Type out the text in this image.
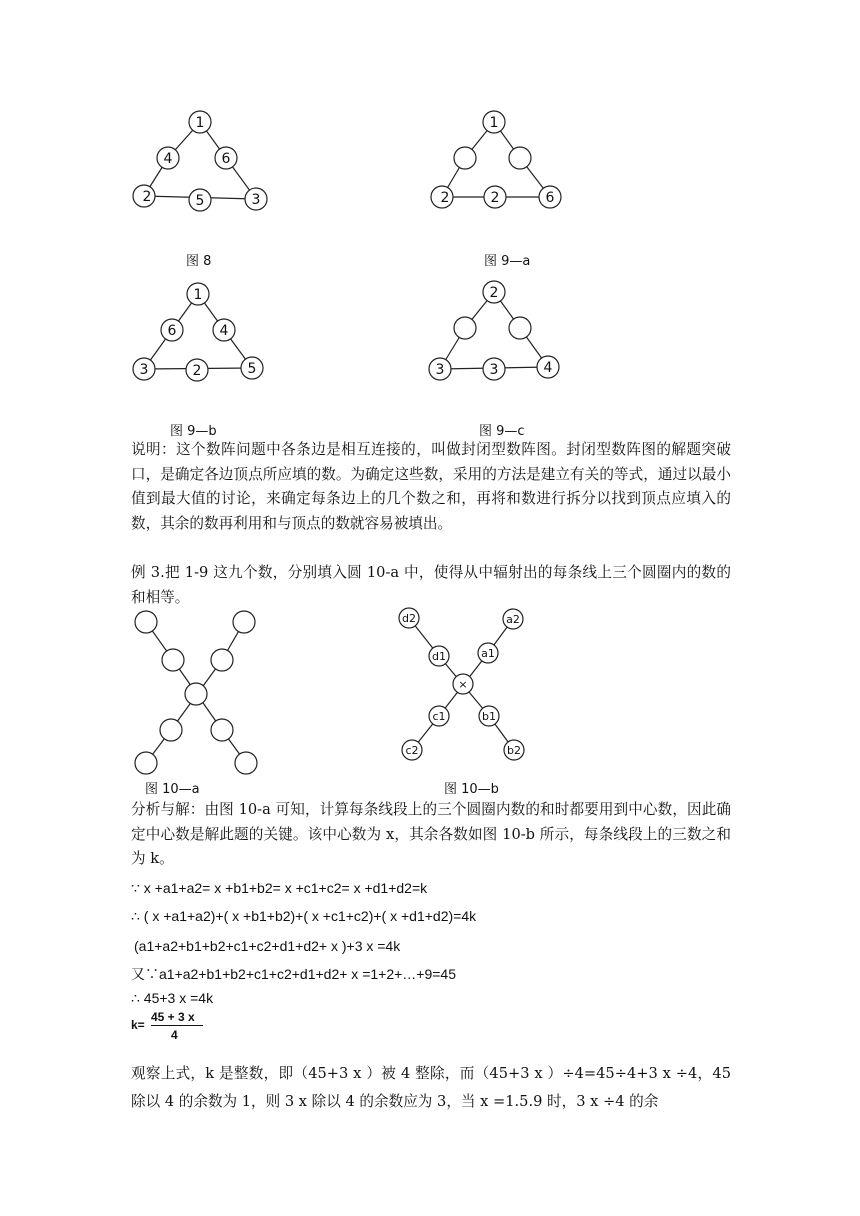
1
4	6
2	5	3
图 8
1
2	2	6
图 9—a
1
6	4
3	2	5
图 9—b
2
3	3	4
图 9—c
说明：这个数阵问题中各条边是相互连接的，叫做封闭型数阵图。封闭型数阵图的解题突破口，是确定各边顶点所应填的数。为确定这些数，采用的方法是建立有关的等式，通过以最小值到最大值的讨论，来确定每条边上的几个数之和，再将和数进行拆分以找到顶点应填入的数，其余的数再利用和与顶点的数就容易被填出。
例 3.把 1-9 这九个数，分别填入圆 10-a 中，使得从中辐射出的每条线上三个圆圈内的数的和相等。
图 10—a
d2	a2
d1	a1
×
c1	b1
c2	b2
图 10—b
分析与解：由图 10-a 可知，计算每条线段上的三个圆圈内数的和时都要用到中心数，因此确定中心数是解此题的关键。该中心数为 x，其余各数如图 10-b 所示，每条线段上的三数之和为 k。
∵ x +a1+a2= x +b1+b2= x +c1+c2= x +d1+d2=k
∴ ( x +a1+a2)+( x +b1+b2)+( x +c1+c2)+( x +d1+d2)=4k
(a1+a2+b1+b2+c1+c2+d1+d2+ x )+3 x =4k
又∵a1+a2+b1+b2+c1+c2+d1+d2+ x =1+2+…+9=45
∴ 45+3 x =4k
k=
45 + 3 x
4
观察上式，k 是整数，即（45+3 x ）被 4 整除，而（45+3 x ）÷4=45÷4+3 x ÷4，45 除以 4 的余数为 1，则 3 x 除以 4 的余数应为 3，当 x =1.5.9 时，3 x ÷4 的余
